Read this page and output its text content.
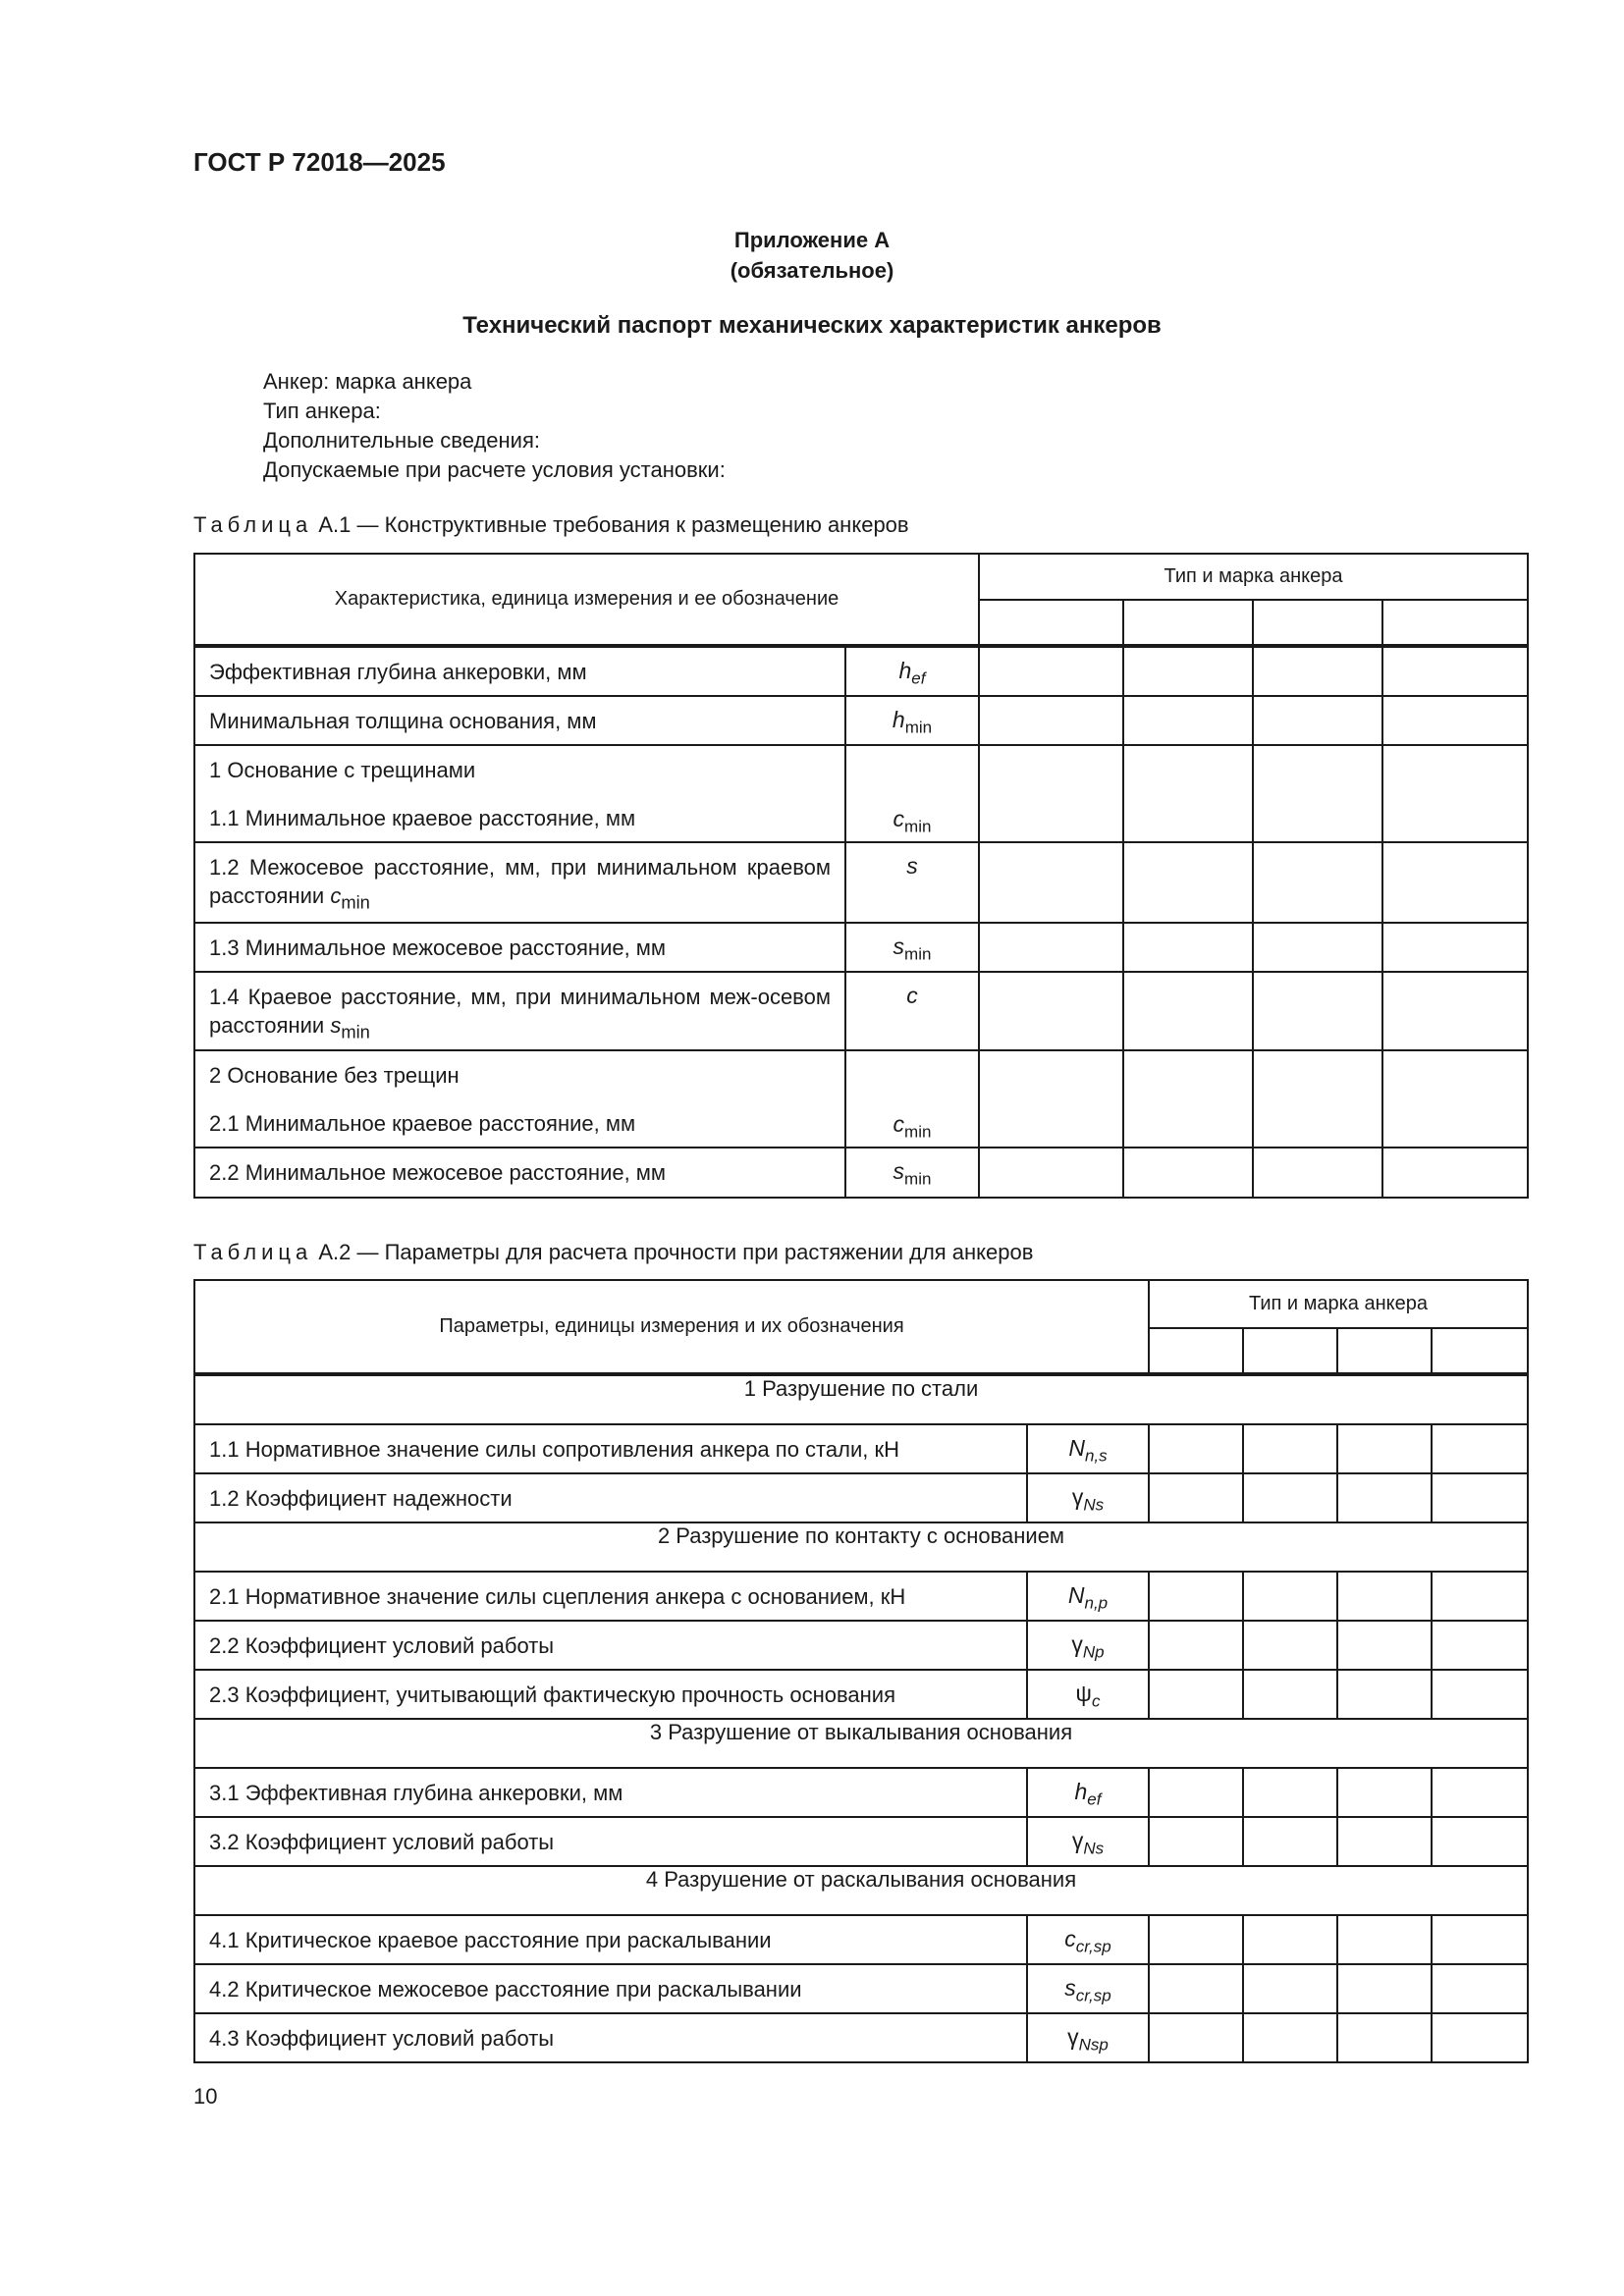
ГОСТ Р 72018—2025
Приложение А
(обязательное)
Технический паспорт механических характеристик анкеров
Анкер: марка анкера
Тип анкера:
Дополнительные сведения:
Допускаемые при расчете условия установки:
Таблица А.1 — Конструктивные требования к размещению анкеров
Характеристика, единица измерения и ее обозначение		Тип и марка анкера			

Эффективная глубина анкеровки, мм	$h_{ef}$				

Минимальная толщина основания, мм	$h_{min}$				

1 Основание с трещинами
1.1 Минимальное краевое расстояние, мм	$c_{min}$				

1.2 Межосевое расстояние, мм, при минимальном краевом расстоянии $c_{min}$	s				

1.3 Минимальное межосевое расстояние, мм	$s_{min}$				

1.4 Краевое расстояние, мм, при минимальном меж-осевом расстоянии $s_{min}$	c				

2 Основание без трещин
2.1 Минимальное краевое расстояние, мм	$c_{min}$				

2.2 Минимальное межосевое расстояние, мм	$s_{min}$				
Таблица А.2 — Параметры для расчета прочности при растяжении для анкеров
Параметры, единицы измерения и их обозначения		Тип и марка анкера			

1 Разрушение по стали					

1.1 Нормативное значение силы сопротивления анкера по стали, кН	$N_{n,s}$				

1.2 Коэффициент надежности	$\gamma_{Ns}$				
2 Разрушение по контакту с основанием					

2.1 Нормативное значение силы сцепления анкера с основанием, кН	$N_{n,p}$				

2.2 Коэффициент условий работы	$\gamma_{Np}$				

2.3 Коэффициент, учитывающий фактическую прочность основания	$\psi_c$				
3 Разрушение от выкалывания основания					

3.1 Эффективная глубина анкеровки, мм	$h_{ef}$				

3.2 Коэффициент условий работы	$\gamma_{Ns}$				
4 Разрушение от раскалывания основания					

4.1 Критическое краевое расстояние при раскалывании	$c_{cr,sp}$				

4.2 Критическое межосевое расстояние при раскалывании	$s_{cr,sp}$				

4.3 Коэффициент условий работы	$\gamma_{Nsp}$				
10
